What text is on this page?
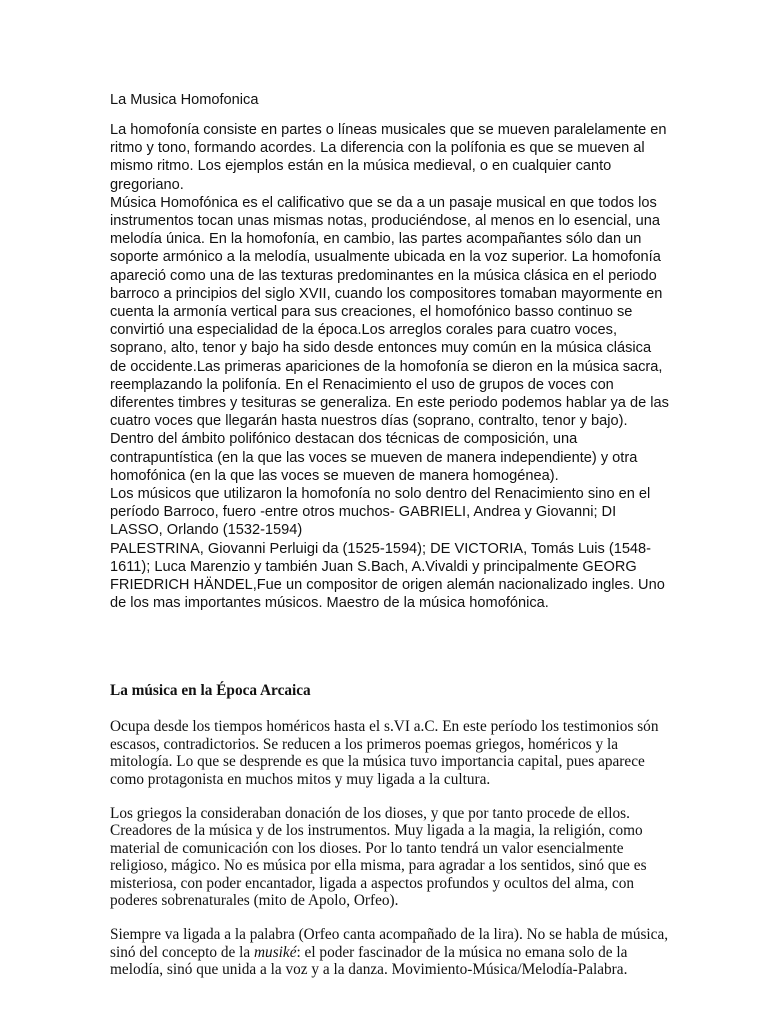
La Musica Homofonica

La homofonía consiste en partes o líneas musicales que se mueven paralelamente en ritmo y tono, formando acordes. La diferencia con la polífonia es que se mueven al mismo ritmo. Los ejemplos están en la música medieval, o en cualquier canto gregoriano.

Música Homofónica es el calificativo que se da a un pasaje musical en que todos los instrumentos tocan unas mismas notas, produciéndose, al menos en lo esencial, una melodía única. En la homofonía, en cambio, las partes acompañantes sólo dan un soporte armónico a la melodía, usualmente ubicada en la voz superior. La homofonía apareció como una de las texturas predominantes en la música clásica en el periodo barroco a principios del siglo XVII, cuando los compositores tomaban mayormente en cuenta la armonía vertical para sus creaciones, el homofónico basso continuo se convirtió una especialidad de la época.Los arreglos corales para cuatro voces, soprano, alto, tenor y bajo ha sido desde entonces muy común en la música clásica de occidente.Las primeras apariciones de la homofonía se dieron en la música sacra, reemplazando la polifonía. En el Renacimiento el uso de grupos de voces con diferentes timbres y tesituras se generaliza. En este periodo podemos hablar ya de las cuatro voces que llegarán hasta nuestros días (soprano, contralto, tenor y bajo).

Dentro del ámbito polifónico destacan dos técnicas de composición, una contrapuntística (en la que las voces se mueven de manera independiente) y otra homofónica (en la que las voces se mueven de manera homogénea).

Los músicos que utilizaron la homofonía no solo dentro del Renacimiento sino en el período Barroco, fuero -entre otros muchos- GABRIELI, Andrea y Giovanni; DI LASSO, Orlando (1532-1594)

PALESTRINA, Giovanni Perluigi da (1525-1594); DE VICTORIA, Tomás Luis (1548-1611); Luca Marenzio y también Juan S.Bach, A.Vivaldi y principalmente GEORG FRIEDRICH HÄNDEL,Fue un compositor de origen alemán nacionalizado ingles. Uno de los mas importantes músicos. Maestro de la música homofónica.

La música en la Época Arcaica

Ocupa desde los tiempos homéricos hasta el s.VI a.C. En este período los testimonios són escasos, contradictorios. Se reducen a los primeros poemas griegos, homéricos y la mitología. Lo que se desprende es que la música tuvo importancia capital, pues aparece como protagonista en muchos mitos y muy ligada a la cultura.

Los griegos la consideraban donación de los dioses, y que por tanto procede de ellos. Creadores de la música y de los instrumentos. Muy ligada a la magia, la religión, como material de comunicación con los dioses. Por lo tanto tendrá un valor esencialmente religioso, mágico. No es música por ella misma, para agradar a los sentidos, sinó que es misteriosa, con poder encantador, ligada a aspectos profundos y ocultos del alma, con poderes sobrenaturales (mito de Apolo, Orfeo).

Siempre va ligada a la palabra (Orfeo canta acompañado de la lira). No se habla de música, sinó del concepto de la musiké: el poder fascinador de la música no emana solo de la melodía, sinó que unida a la voz y a la danza. Movimiento-Música/Melodía-Palabra.
